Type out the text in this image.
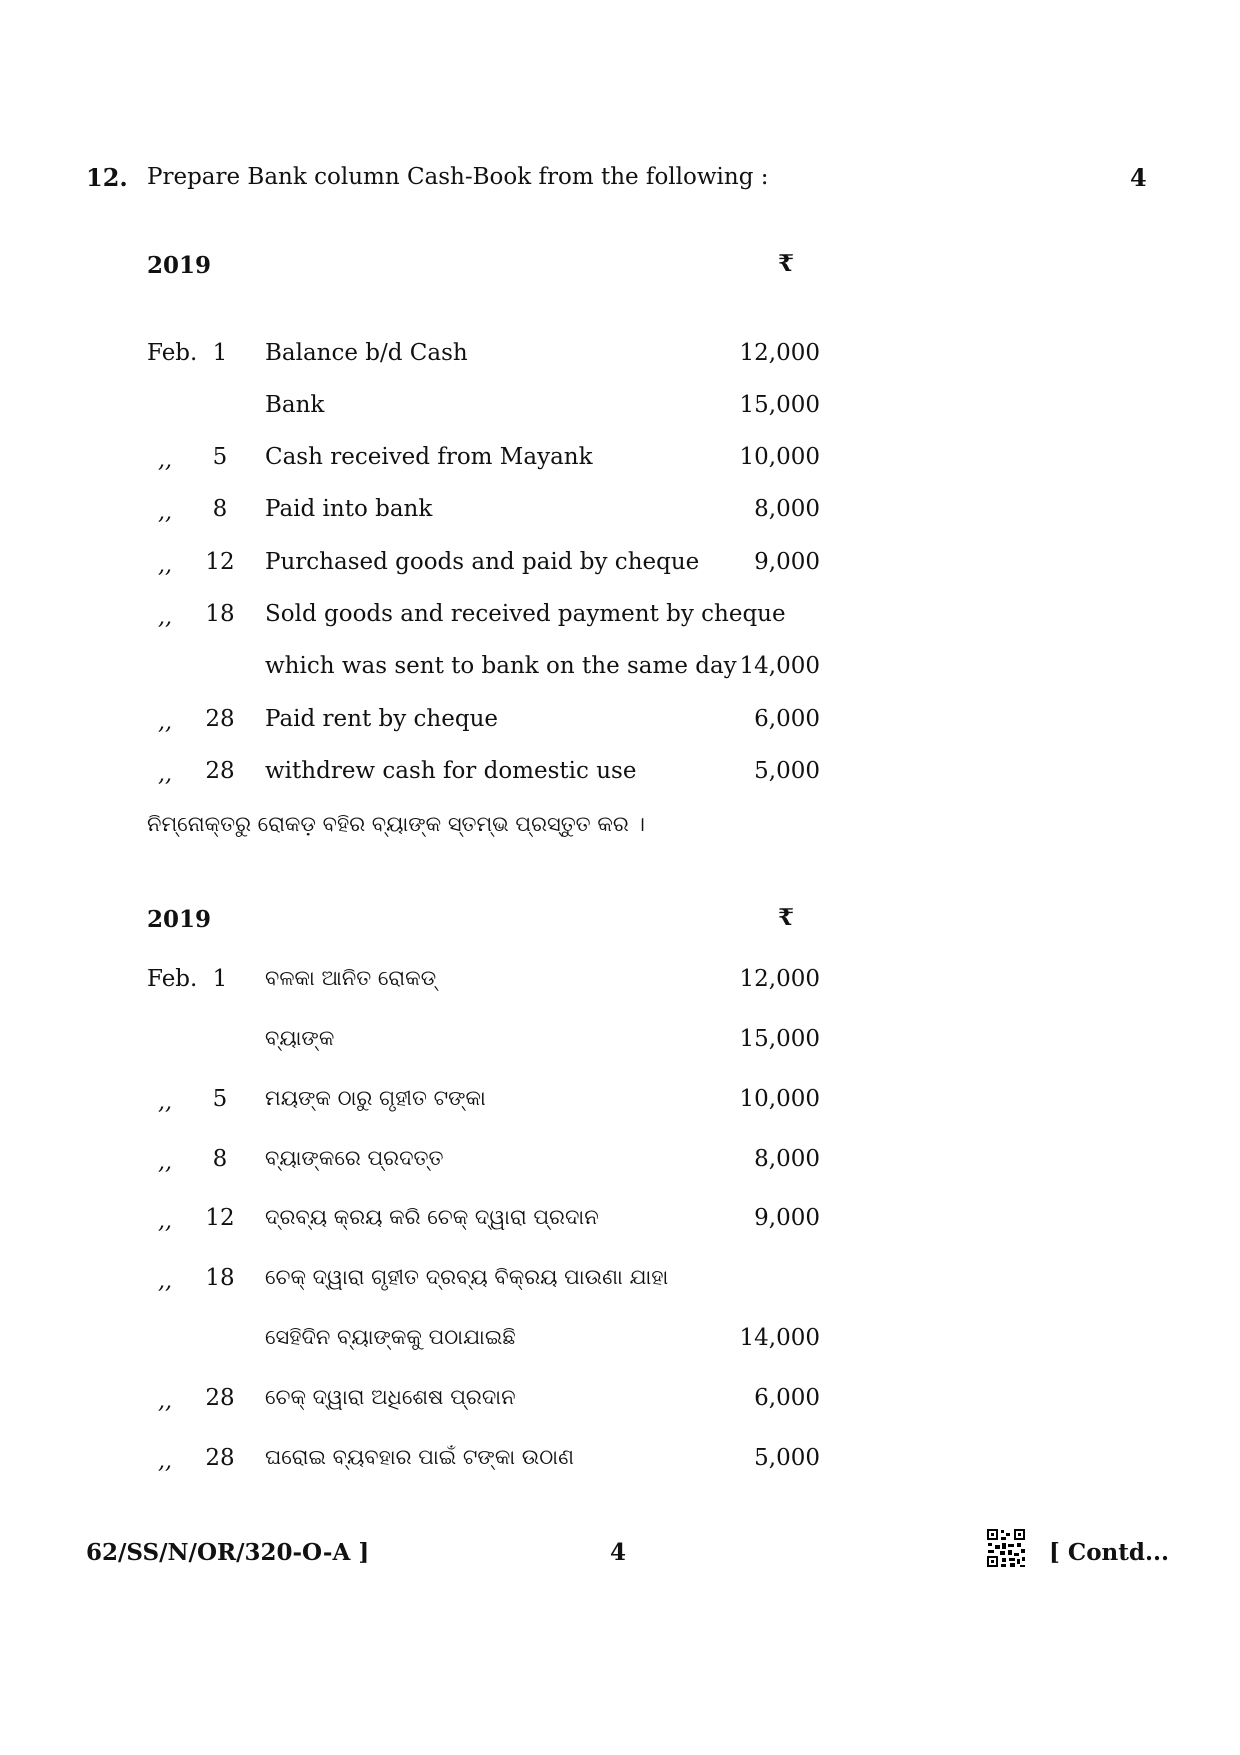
12. Prepare Bank column Cash-Book from the following :	4
2019	₹
Feb. 1	Balance b/d Cash	12,000
Bank	15,000
,,	5	Cash received from Mayank	10,000
,,	8	Paid into bank	8,000
,, 12 Purchased goods and paid by cheque	9,000
,, 18 Sold goods and received payment by cheque
which was sent to bank on the same day 14,000
,, 28 Paid rent by cheque	6,000
,, 28 withdrew cash for domestic use	5,000
ନିମ୍ନୋକ୍ତରୁ ରୋକଡ଼ ବହିର ବ୍ୟାଙ୍କ ସ୍ତମ୍ଭ ପ୍ରସ୍ତୁତ କର ।
2019	₹
Feb. 1	ବଳକା ଆନିତ ରୋକଡ୍	12,000
ବ୍ୟାଙ୍କ	15,000
,,	5	ମୟଙ୍କ ଠାରୁ ଗୃହୀତ ଟଙ୍କା	10,000
,,	8	ବ୍ୟାଙ୍କରେ ପ୍ରଦତ୍ତ	8,000
,, 12 ଦ୍ରବ୍ୟ କ୍ରୟ କରି ଚେକ୍ ଦ୍ୱାରା ପ୍ରଦାନ	9,000
,, 18 ଚେକ୍ ଦ୍ୱାରା ଗୃହୀତ ଦ୍ରବ୍ୟ ବିକ୍ରୟ ପାଉଣା ଯାହା
ସେହିଦିନ ବ୍ୟାଙ୍କକୁ ପଠାଯାଇଛି	14,000
,, 28 ଚେକ୍ ଦ୍ୱାରା ଅଧିଶେଷ ପ୍ରଦାନ	6,000
,, 28 ଘରୋଇ ବ୍ୟବହାର ପାଇଁ ଟଙ୍କା ଉଠାଣ	5,000
62/SS/N/OR/320-O-A ]	4	[ Contd...
